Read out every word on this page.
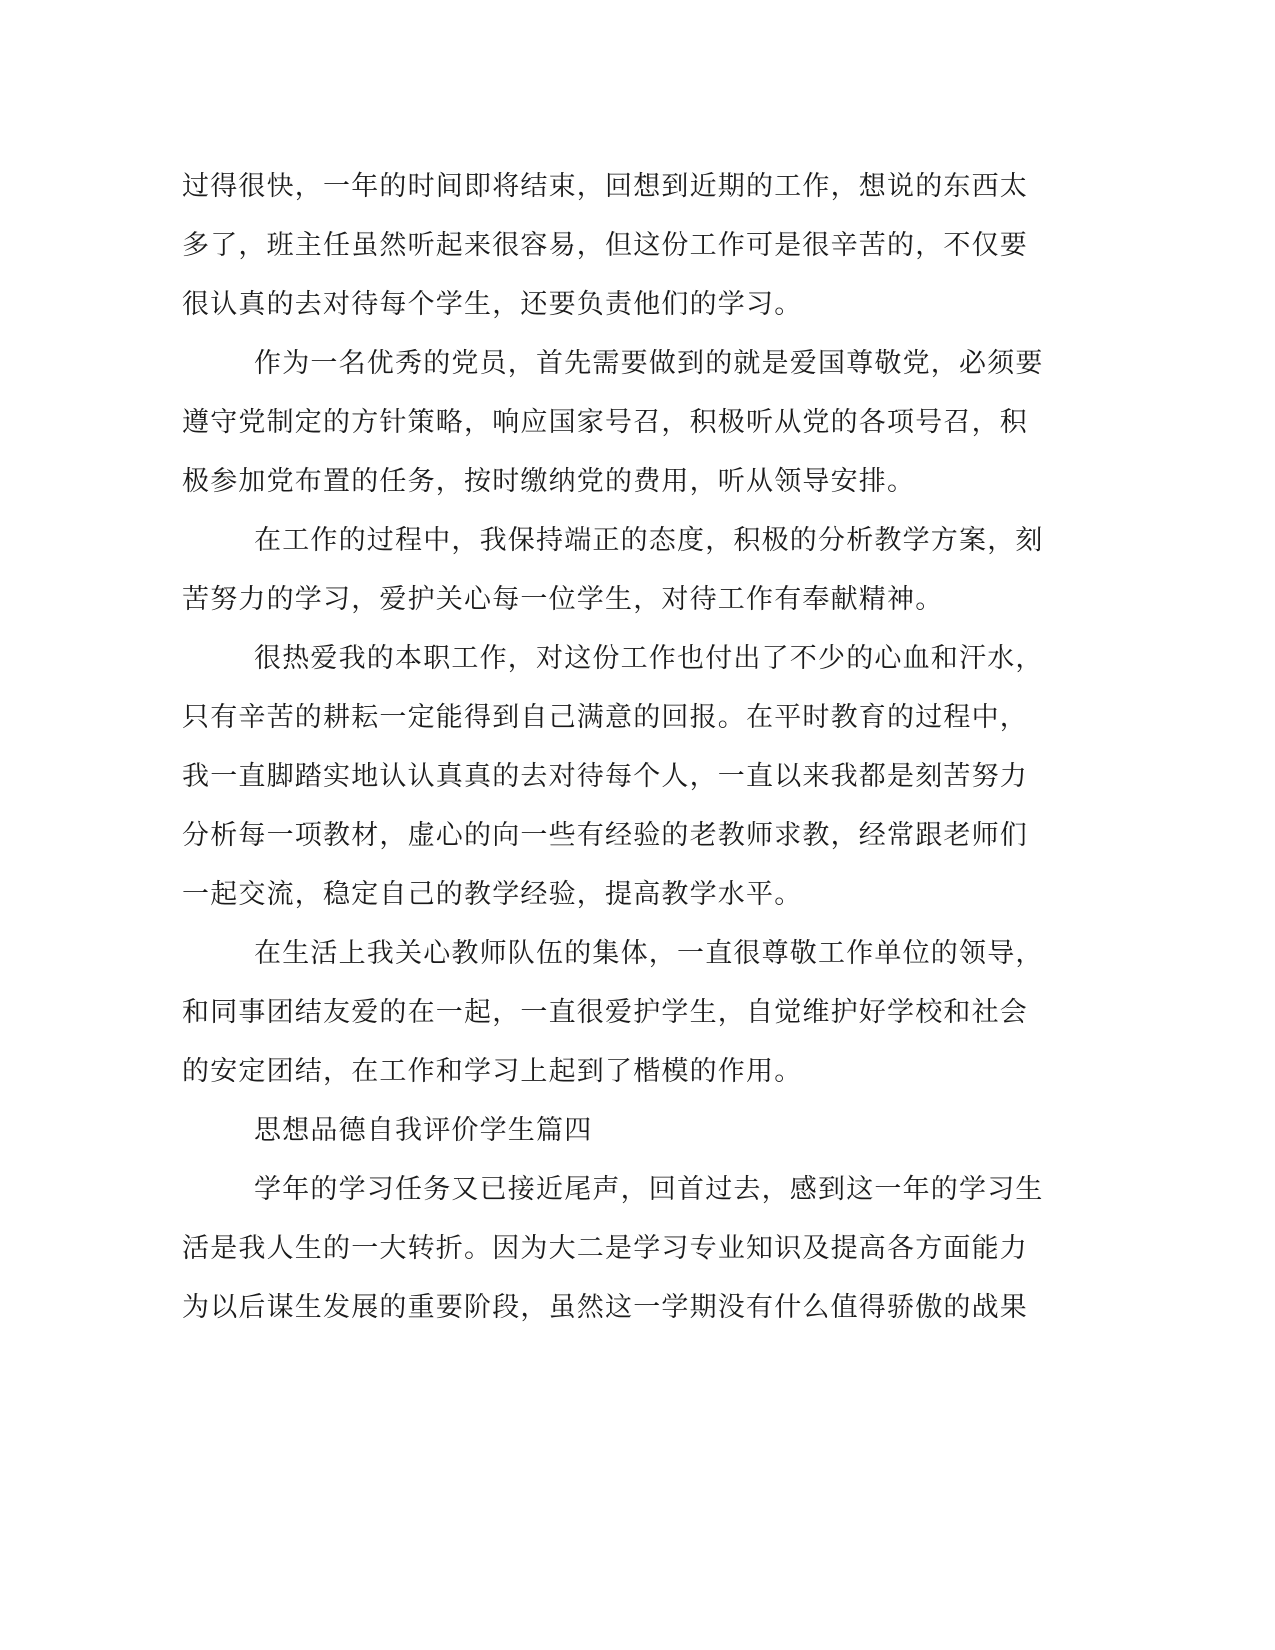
过得很快，一年的时间即将结束，回想到近期的工作，想说的东西太
多了，班主任虽然听起来很容易，但这份工作可是很辛苦的，不仅要
很认真的去对待每个学生，还要负责他们的学习。
作为一名优秀的党员，首先需要做到的就是爱国尊敬党，必须要
遵守党制定的方针策略，响应国家号召，积极听从党的各项号召，积
极参加党布置的任务，按时缴纳党的费用，听从领导安排。
在工作的过程中，我保持端正的态度，积极的分析教学方案，刻
苦努力的学习，爱护关心每一位学生，对待工作有奉献精神。
很热爱我的本职工作，对这份工作也付出了不少的心血和汗水，
只有辛苦的耕耘一定能得到自己满意的回报。在平时教育的过程中，
我一直脚踏实地认认真真的去对待每个人，一直以来我都是刻苦努力
分析每一项教材，虚心的向一些有经验的老教师求教，经常跟老师们
一起交流，稳定自己的教学经验，提高教学水平。
在生活上我关心教师队伍的集体，一直很尊敬工作单位的领导，
和同事团结友爱的在一起，一直很爱护学生，自觉维护好学校和社会
的安定团结，在工作和学习上起到了楷模的作用。
思想品德自我评价学生篇四
学年的学习任务又已接近尾声，回首过去，感到这一年的学习生
活是我人生的一大转折。因为大二是学习专业知识及提高各方面能力
为以后谋生发展的重要阶段，虽然这一学期没有什么值得骄傲的战果
